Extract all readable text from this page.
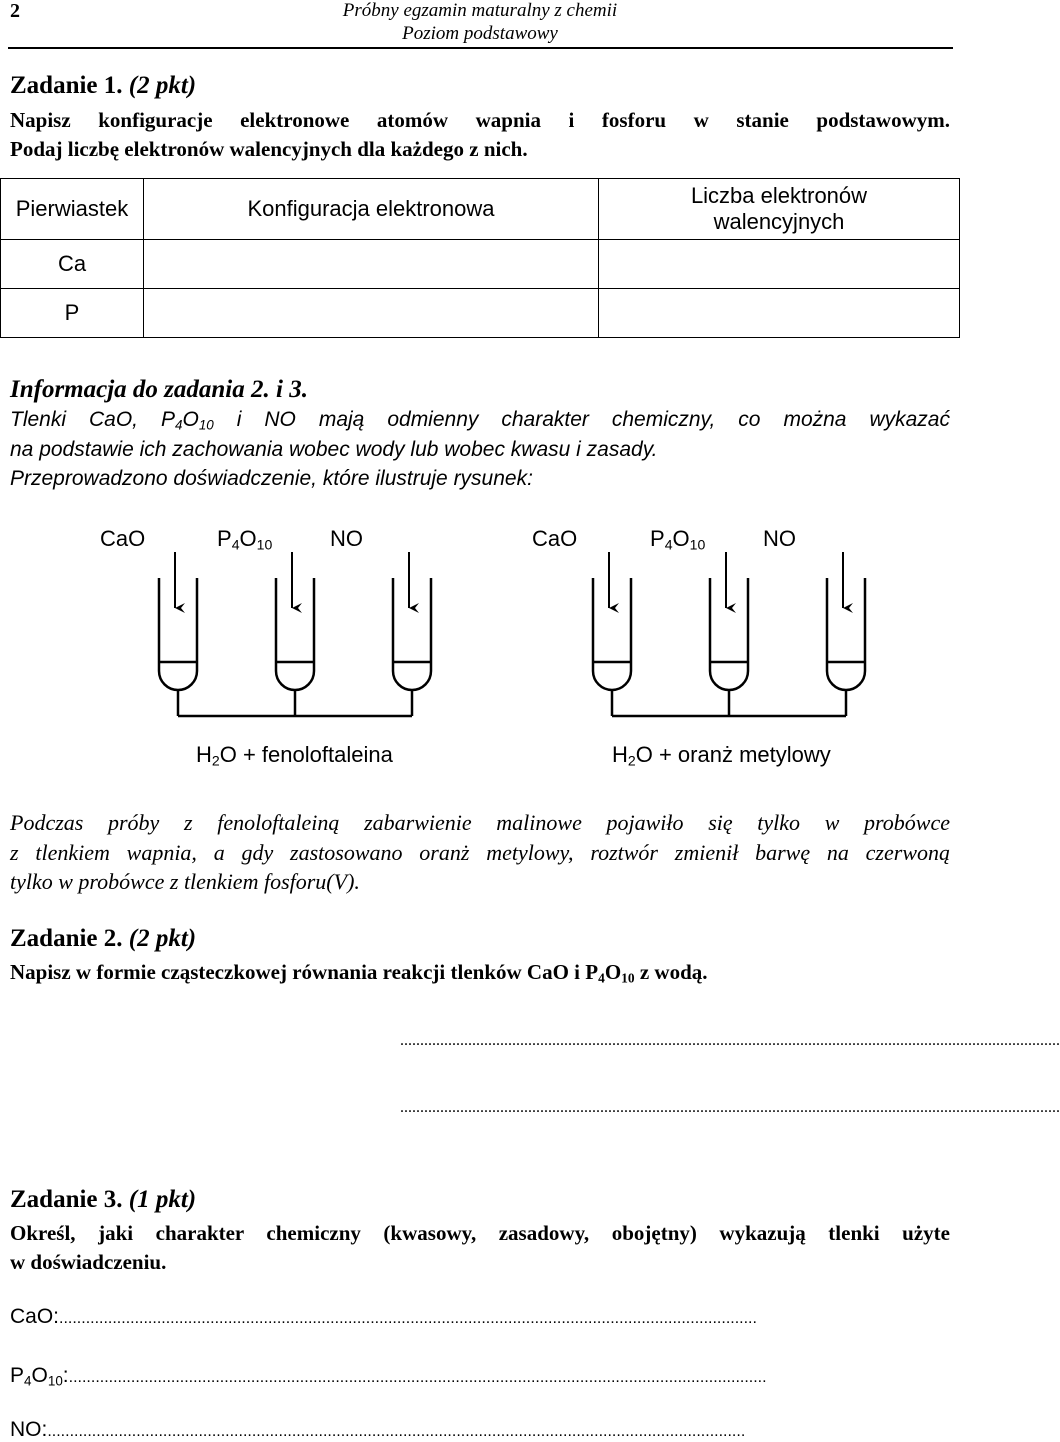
2	Próbny egzamin maturalny z chemii
Poziom podstawowy
Zadanie 1. (2 pkt)
Napisz konfiguracje elektronowe atomów wapnia i fosforu w stanie podstawowym.
Podaj liczbę elektronów walencyjnych dla każdego z nich.
Pierwiastek	Konfiguracja elektronowa	Liczba elektronów
walencyjnych
Ca		
P		
Informacja do zadania 2. i 3.
Tlenki CaO, $P_4O_{10}$ i NO mają odmienny charakter chemiczny, co można wykazać
na podstawie ich zachowania wobec wody lub wobec kwasu i zasady.
Przeprowadzono doświadczenie, które ilustruje rysunek:
CaO	$P_4O_{10}$	NO	CaO	$P_4O_{10}$	NO
$H_2O$ + fenoloftaleina	$H_2O$ + oranż metylowy
Podczas próby z fenoloftaleiną zabarwienie malinowe pojawiło się tylko w probówce
z tlenkiem wapnia, a gdy zastosowano oranż metylowy, roztwór zmienił barwę na czerwoną
tylko w probówce z tlenkiem fosforu(V).
Zadanie 2. (2 pkt)
Napisz w formie cząsteczkowej równania reakcji tlenków CaO i $P_4O_{10}$ z wodą.
.....................................................................................................................................................................
.....................................................................................................................................................................
Zadanie 3. (1 pkt)
Określ, jaki charakter chemiczny (kwasowy, zasadowy, obojętny) wykazują tlenki użyte
w doświadczeniu.
CaO:.............................................................................................................................................................
$P_4O_{10}$:.............................................................................................................................................................
NO:.............................................................................................................................................................
